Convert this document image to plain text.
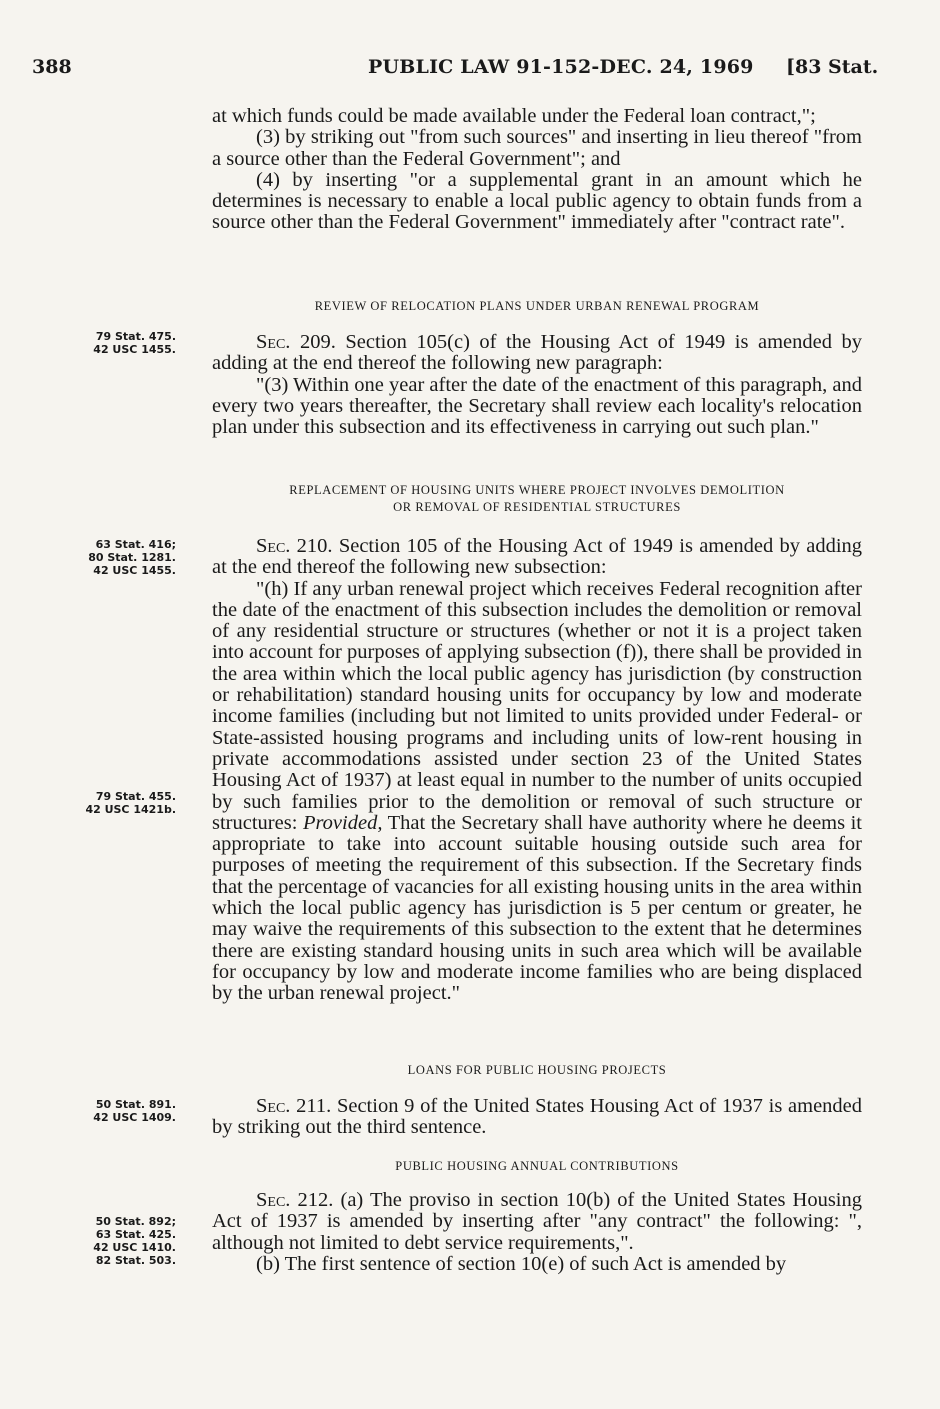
388	PUBLIC LAW 91-152-DEC. 24, 1969 [83 Stat.

at which funds could be made available under the Federal loan contract,";

(3) by striking out "from such sources" and inserting in lieu thereof "from a source other than the Federal Government"; and

(4) by inserting "or a supplemental grant in an amount which he determines is necessary to enable a local public agency to obtain funds from a source other than the Federal Government" immediately after "contract rate".

REVIEW OF RELOCATION PLANS UNDER URBAN RENEWAL PROGRAM
79 Stat. 475.
42 USC 1455.	Sec. 209. Section 105(c) of the Housing Act of 1949 is amended by adding at the end thereof the following new paragraph:

"(3) Within one year after the date of the enactment of this paragraph, and every two years thereafter, the Secretary shall review each locality's relocation plan under this subsection and its effectiveness in carrying out such plan."

REPLACEMENT OF HOUSING UNITS WHERE PROJECT INVOLVES DEMOLITION
OR REMOVAL OF RESIDENTIAL STRUCTURES
63 Stat. 416;
80 Stat. 1281.
42 USC 1455.
79 Stat. 455.
42 USC 1421b.

Sec. 210. Section 105 of the Housing Act of 1949 is amended by adding at the end thereof the following new subsection:

"(h) If any urban renewal project which receives Federal recognition after the date of the enactment of this subsection includes the demolition or removal of any residential structure or structures (whether or not it is a project taken into account for purposes of applying subsection (f)), there shall be provided in the area within which the local public agency has jurisdiction (by construction or rehabilitation) standard housing units for occupancy by low and moderate income families (including but not limited to units provided under Federal- or State-assisted housing programs and including units of low-rent housing in private accommodations assisted under section 23 of the United States Housing Act of 1937) at least equal in number to the number of units occupied by such families prior to the demolition or removal of such structure or structures: Provided, That the Secretary shall have authority where he deems it appropriate to take into account suitable housing outside such area for purposes of meeting the requirement of this subsection. If the Secretary finds that the percentage of vacancies for all existing housing units in the area within which the local public agency has jurisdiction is 5 per centum or greater, he may waive the requirements of this subsection to the extent that he determines there are existing standard housing units in such area which will be available for occupancy by low and moderate income families who are being displaced by the urban renewal project."

LOANS FOR PUBLIC HOUSING PROJECTS
50 Stat. 891.
42 USC 1409.

Sec. 211. Section 9 of the United States Housing Act of 1937 is amended by striking out the third sentence.

PUBLIC HOUSING ANNUAL CONTRIBUTIONS
50 Stat. 892;
63 Stat. 425.
42 USC 1410.
82 Stat. 503.

Sec. 212. (a) The proviso in section 10(b) of the United States Housing Act of 1937 is amended by inserting after "any contract" the following: ", although not limited to debt service requirements,".

(b) The first sentence of section 10(e) of such Act is amended by
